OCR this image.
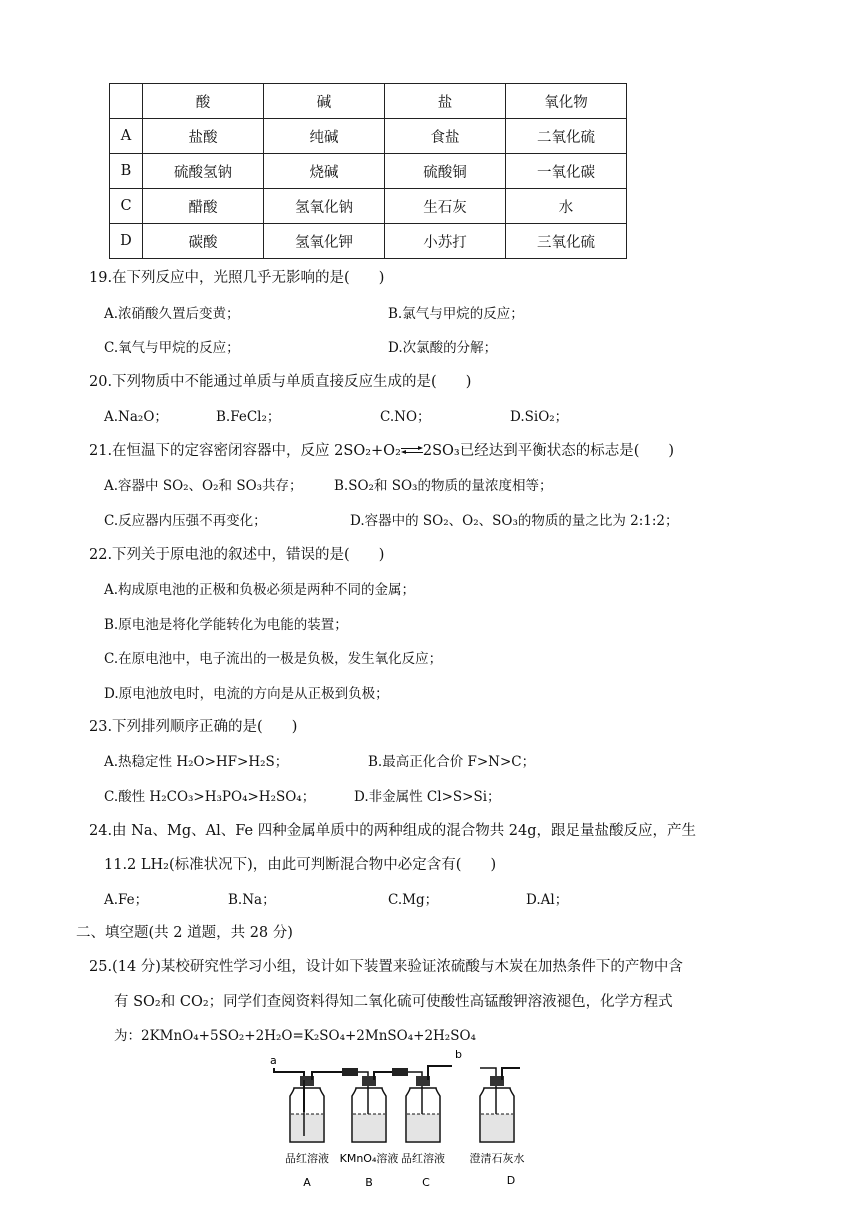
	酸	碱	盐	氧化物
A	盐酸	纯碱	食盐	二氧化硫
B	硫酸氢钠	烧碱	硫酸铜	一氧化碳
C	醋酸	氢氧化钠	生石灰	水
D	碳酸	氢氧化钾	小苏打	三氧化硫
19.在下列反应中，光照几乎无影响的是(　　)
A.浓硝酸久置后变黄；	B.氯气与甲烷的反应；
C.氧气与甲烷的反应；	D.次氯酸的分解；
20.下列物质中不能通过单质与单质直接反应生成的是(　　)
A.Na₂O；	B.FeCl₂；	C.NO；	D.SiO₂；
21.在恒温下的定容密闭容器中，反应 2SO₂+O₂ 2SO₃已经达到平衡状态的标志是(　　)
A.容器中 SO₂、O₂和 SO₃共存； B.SO₂和 SO₃的物质的量浓度相等；
C.反应器内压强不再变化；	D.容器中的 SO₂、O₂、SO₃的物质的量之比为 2:1:2；
22.下列关于原电池的叙述中，错误的是(　　)
A.构成原电池的正极和负极必须是两种不同的金属；
B.原电池是将化学能转化为电能的装置；
C.在原电池中，电子流出的一极是负极，发生氧化反应；
D.原电池放电时，电流的方向是从正极到负极；
23.下列排列顺序正确的是(　　)
A.热稳定性 H₂O>HF>H₂S；	B.最高正化合价 F>N>C；
C.酸性 H₂CO₃>H₃PO₄>H₂SO₄；	D.非金属性 Cl>S>Si；
24.由 Na、Mg、Al、Fe 四种金属单质中的两种组成的混合物共 24g，跟足量盐酸反应，产生
11.2 LH₂(标准状况下)，由此可判断混合物中必定含有(　　)
A.Fe；	B.Na；	C.Mg；	D.Al；
二、填空题(共 2 道题，共 28 分)
25.(14 分)某校研究性学习小组，设计如下装置来验证浓硫酸与木炭在加热条件下的产物中含
有 SO₂和 CO₂；同学们查阅资料得知二氧化硫可使酸性高锰酸钾溶液褪色，化学方程式
为：2KMnO₄+5SO₂+2H₂O=K₂SO₄+2MnSO₄+2H₂SO₄
a	b
品红溶液 KMnO₄溶液 品红溶液 澄清石灰水
A	B	C	D
